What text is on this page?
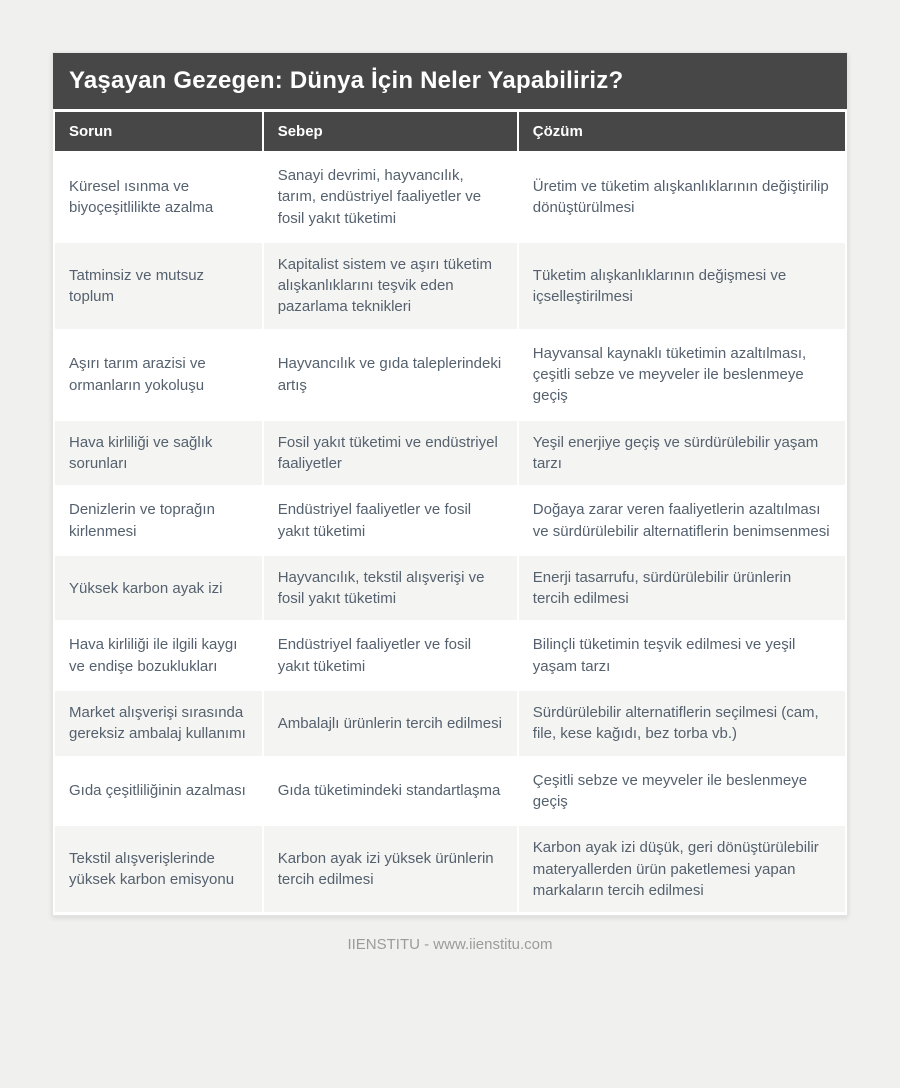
Yaşayan Gezegen: Dünya İçin Neler Yapabiliriz?
Sorun	Sebep	Çözüm
Küresel ısınma ve biyoçeşitlilikte azalma	Sanayi devrimi, hayvancılık, tarım, endüstriyel faaliyetler ve fosil yakıt tüketimi	Üretim ve tüketim alışkanlıklarının değiştirilip dönüştürülmesi
Tatminsiz ve mutsuz toplum	Kapitalist sistem ve aşırı tüketim alışkanlıklarını teşvik eden pazarlama teknikleri	Tüketim alışkanlıklarının değişmesi ve içselleştirilmesi
Aşırı tarım arazisi ve ormanların yokoluşu	Hayvancılık ve gıda taleplerindeki artış	Hayvansal kaynaklı tüketimin azaltılması, çeşitli sebze ve meyveler ile beslenmeye geçiş
Hava kirliliği ve sağlık sorunları	Fosil yakıt tüketimi ve endüstriyel faaliyetler	Yeşil enerjiye geçiş ve sürdürülebilir yaşam tarzı
Denizlerin ve toprağın kirlenmesi	Endüstriyel faaliyetler ve fosil yakıt tüketimi	Doğaya zarar veren faaliyetlerin azaltılması ve sürdürülebilir alternatiflerin benimsenmesi
Yüksek karbon ayak izi	Hayvancılık, tekstil alışverişi ve fosil yakıt tüketimi	Enerji tasarrufu, sürdürülebilir ürünlerin tercih edilmesi
Hava kirliliği ile ilgili kaygı ve endişe bozuklukları	Endüstriyel faaliyetler ve fosil yakıt tüketimi	Bilinçli tüketimin teşvik edilmesi ve yeşil yaşam tarzı
Market alışverişi sırasında gereksiz ambalaj kullanımı	Ambalajlı ürünlerin tercih edilmesi	Sürdürülebilir alternatiflerin seçilmesi (cam, file, kese kağıdı, bez torba vb.)
Gıda çeşitliliğinin azalması	Gıda tüketimindeki standartlaşma	Çeşitli sebze ve meyveler ile beslenmeye geçiş
Tekstil alışverişlerinde yüksek karbon emisyonu	Karbon ayak izi yüksek ürünlerin tercih edilmesi	Karbon ayak izi düşük, geri dönüştürülebilir materyallerden ürün paketlemesi yapan markaların tercih edilmesi
IIENSTITU - www.iienstitu.com
